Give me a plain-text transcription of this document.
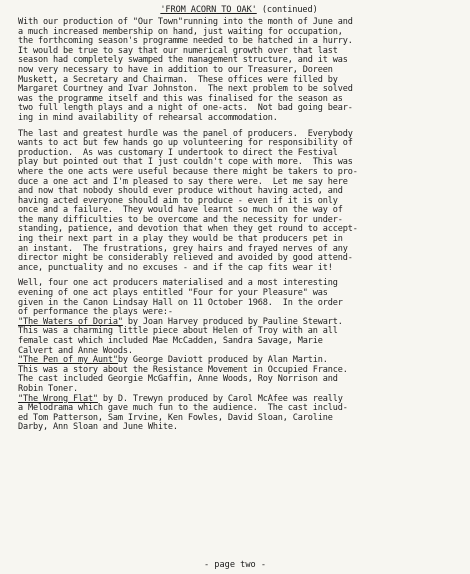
'FROM ACORN TO OAK' (continued)
With our production of "Our Town"running into the month of June and
a much increased membership on hand, just waiting for occupation,
the forthcoming season's programme needed to be hatched in a hurry.
It would be true to say that our numerical growth over that last
season had completely swamped the management structure, and it was
now very necessary to have in addition to our Treasurer, Doreen
Muskett, a Secretary and Chairman.  These offices were filled by
Margaret Courtney and Ivar Johnston.  The next problem to be solved
was the programme itself and this was finalised for the season as
two full length plays and a night of one-acts.  Not bad going bear-
ing in mind availability of rehearsal accommodation.
The last and greatest hurdle was the panel of producers.  Everybody
wants to act but few hands go up volunteering for responsibility of
production.  As was customary I undertook to direct the Festival
play but pointed out that I just couldn't cope with more.  This was
where the one acts were useful because there might be takers to pro-
duce a one act and I'm pleased to say there were.  Let me say here
and now that nobody should ever produce without having acted, and
having acted everyone should aim to produce - even if it is only
once and a failure.  They would have learnt so much on the way of
the many difficulties to be overcome and the necessity for under-
standing, patience, and devotion that when they get round to accept-
ing their next part in a play they would be that producers pet in
an instant.  The frustrations, grey hairs and frayed nerves of any
director might be considerably relieved and avoided by good attend-
ance, punctuality and no excuses - and if the cap fits wear it!
Well, four one act producers materialised and a most interesting
evening of one act plays entitled "Four for your Pleasure" was
given in the Canon Lindsay Hall on 11 October 1968.  In the order
of performance the plays were:-
"The Waters of Doria" by Joan Harvey produced by Pauline Stewart.
This was a charming little piece about Helen of Troy with an all
female cast which included Mae McCadden, Sandra Savage, Marie
Calvert and Anne Woods.
"The Pen of my Aunt"by George Daviott produced by Alan Martin.
This was a story about the Resistance Movement in Occupied France.
The cast included Georgie McGaffin, Anne Woods, Roy Norrison and
Robin Toner.
"The Wrong Flat" by D. Trewyn produced by Carol McAfee was really
a Melodrama which gave much fun to the audience.  The cast includ-
ed Tom Patterson, Sam Irvine, Ken Fowles, David Sloan, Caroline
Darby, Ann Sloan and June White.
- page two -
